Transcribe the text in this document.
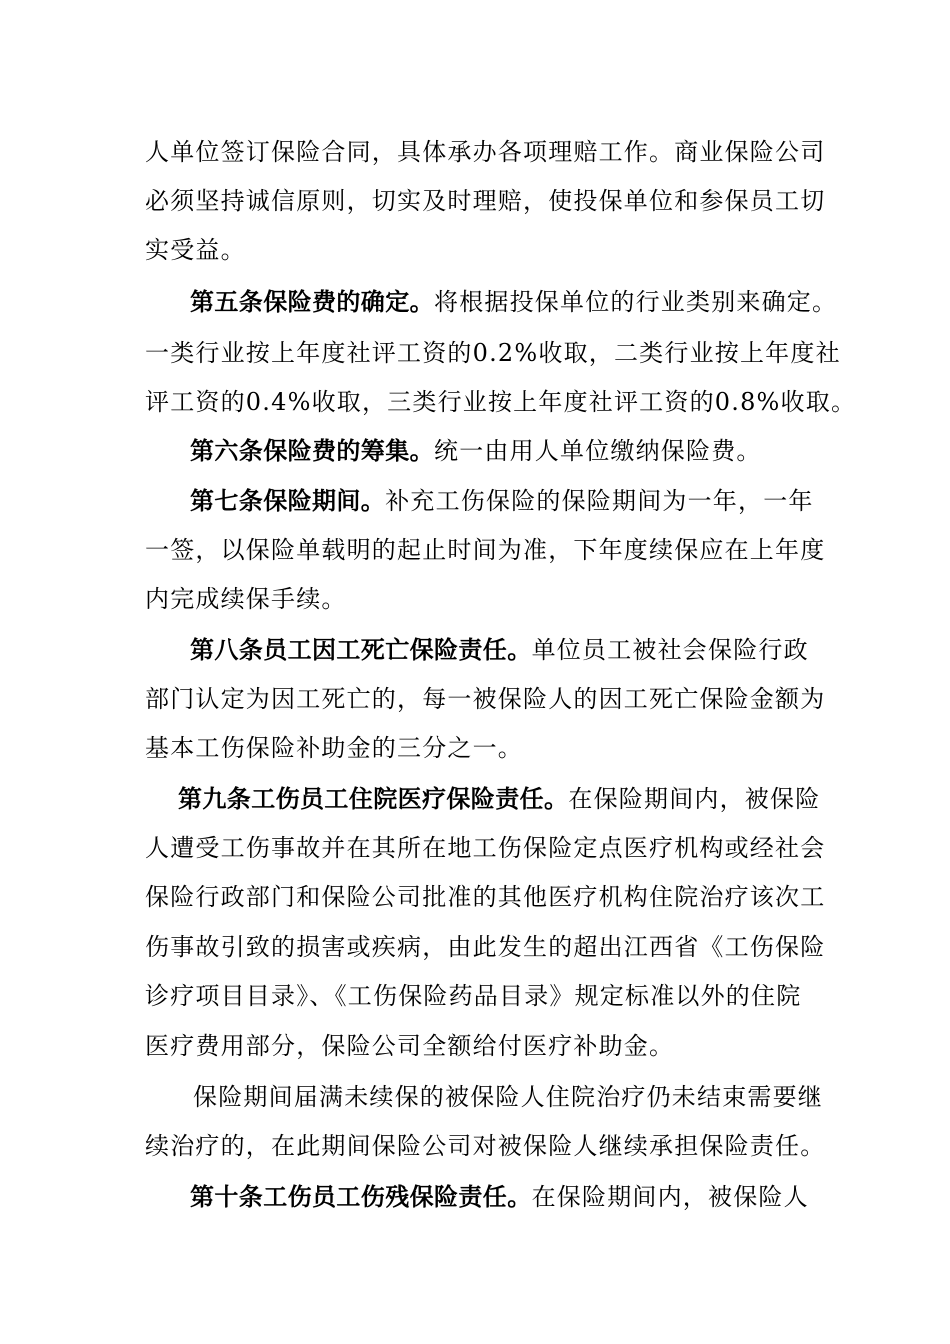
人单位签订保险合同，具体承办各项理赔工作。商业保险公司
必须坚持诚信原则，切实及时理赔，使投保单位和参保员工切
实受益。
第五条保险费的确定。将根据投保单位的行业类别来确定。
一类行业按上年度社评工资的0.2%收取，二类行业按上年度社
评工资的0.4%收取，三类行业按上年度社评工资的0.8%收取。
第六条保险费的筹集。统一由用人单位缴纳保险费。
第七条保险期间。补充工伤保险的保险期间为一年，一年
一签，以保险单载明的起止时间为准，下年度续保应在上年度
内完成续保手续。
第八条员工因工死亡保险责任。单位员工被社会保险行政
部门认定为因工死亡的，每一被保险人的因工死亡保险金额为
基本工伤保险补助金的三分之一。
第九条工伤员工住院医疗保险责任。在保险期间内，被保险
人遭受工伤事故并在其所在地工伤保险定点医疗机构或经社会
保险行政部门和保险公司批准的其他医疗机构住院治疗该次工
伤事故引致的损害或疾病，由此发生的超出江西省《工伤保险
诊疗项目目录》、《工伤保险药品目录》规定标准以外的住院
医疗费用部分，保险公司全额给付医疗补助金。
保险期间届满未续保的被保险人住院治疗仍未结束需要继
续治疗的，在此期间保险公司对被保险人继续承担保险责任。
第十条工伤员工伤残保险责任。在保险期间内，被保险人
